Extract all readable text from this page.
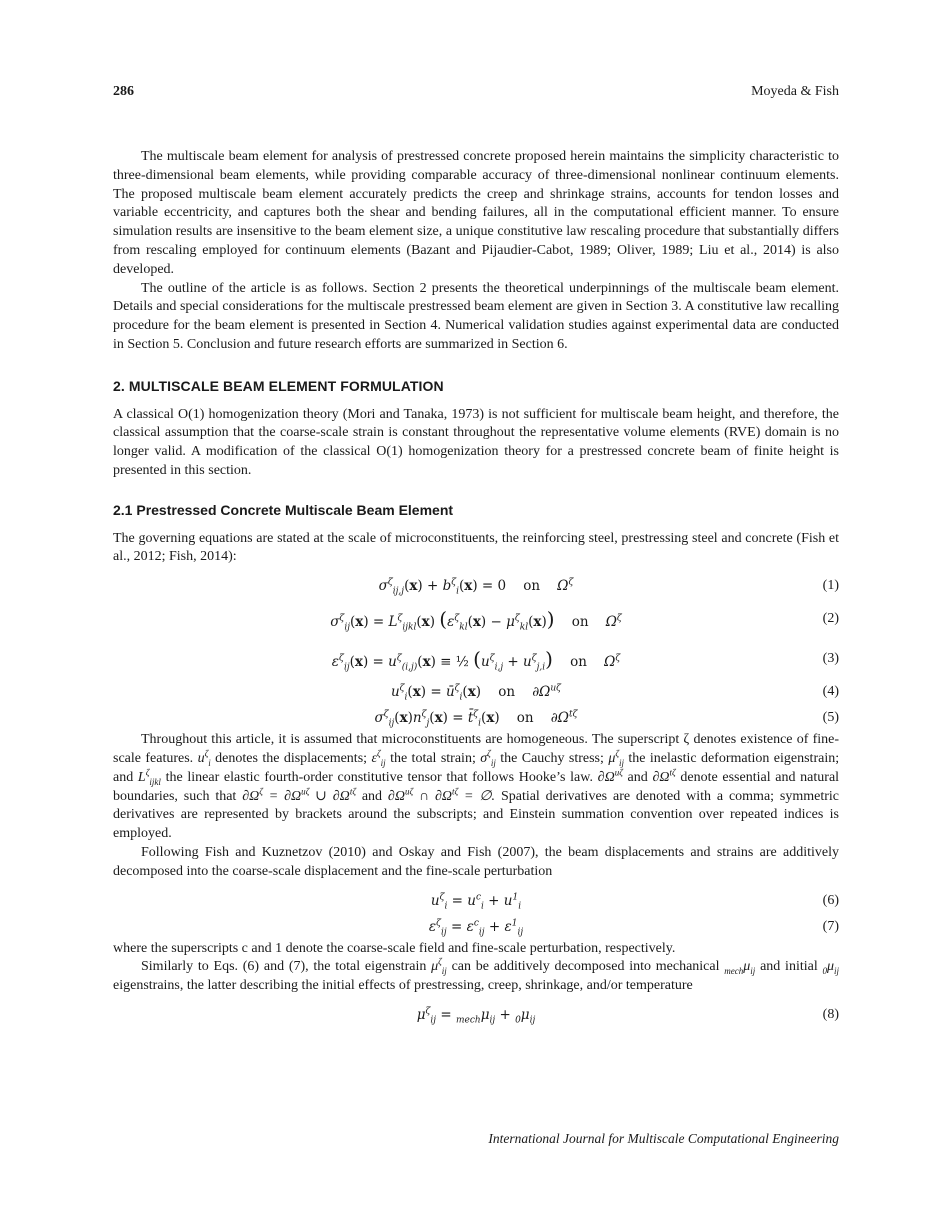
286	Moyeda & Fish

The multiscale beam element for analysis of prestressed concrete proposed herein maintains the simplicity characteristic to three-dimensional beam elements, while providing comparable accuracy of three-dimensional nonlinear continuum elements. The proposed multiscale beam element accurately predicts the creep and shrinkage strains, accounts for tendon losses and variable eccentricity, and captures both the shear and bending failures, all in the computational efficient manner. To ensure simulation results are insensitive to the beam element size, a unique constitutive law rescaling procedure that substantially differs from rescaling employed for continuum elements (Bazant and Pijaudier-Cabot, 1989; Oliver, 1989; Liu et al., 2014) is also developed.

The outline of the article is as follows. Section 2 presents the theoretical underpinnings of the multiscale beam element. Details and special considerations for the multiscale prestressed beam element are given in Section 3. A constitutive law recalling procedure for the beam element is presented in Section 4. Numerical validation studies against experimental data are conducted in Section 5. Conclusion and future research efforts are summarized in Section 6.

2. MULTISCALE BEAM ELEMENT FORMULATION

A classical O(1) homogenization theory (Mori and Tanaka, 1973) is not sufficient for multiscale beam height, and therefore, the classical assumption that the coarse-scale strain is constant throughout the representative volume elements (RVE) domain is no longer valid. A modification of the classical O(1) homogenization theory for a prestressed concrete beam of finite height is presented in this section.

2.1 Prestressed Concrete Multiscale Beam Element

The governing equations are stated at the scale of microconstituents, the reinforcing steel, prestressing steel and concrete (Fish et al., 2012; Fish, 2014):

$\sigma^\zeta_{ij,j}(x) + b^\zeta_i(x) = 0$    on    $\Omega^\zeta$	(1)
$\sigma^\zeta_{ij}(x) = L^\zeta_{ijkl}(x) (\varepsilon^\zeta_{kl}(x) - \mu^\zeta_{kl}(x))$    on    $\Omega^\zeta$	(2)
$\varepsilon^\zeta_{ij}(x) = u^\zeta_{(i,j)}(x)$ ≡ ½ $(u^\zeta_{i,j} + u^\zeta_{j,i})$    on    $\Omega^\zeta$	(3)
$u^\zeta_i(x)$ = $ū^\zeta_i(x)$    on    $\partial\Omega^{u\zeta}$	(4)
$\sigma^\zeta_{ij}(x)n^\zeta_j(x)$ = t̄$^\zeta_i$(x)    on    $\partial\Omega^{t\zeta}$	(5)

Throughout this article, it is assumed that microconstituents are homogeneous. The superscript ζ denotes existence of fine-scale features. $u^\zeta_i$ denotes the displacements; $\varepsilon^\zeta_{ij}$ the total strain; $\sigma^\zeta_{ij}$ the Cauchy stress; $\mu^\zeta_{ij}$ the inelastic deformation eigenstrain; and $L^\zeta_{ijkl}$ the linear elastic fourth-order constitutive tensor that follows Hooke’s law. $\partial\Omega^{u\zeta}$ and $\partial\Omega^{t\zeta}$ denote essential and natural boundaries, such that $\partial\Omega^\zeta = \partial\Omega^{u\zeta}$ ∪ $\partial\Omega^{t\zeta}$ and $\partial\Omega^{u\zeta}$ ∩ $\partial\Omega^{t\zeta}$ = ∅. Spatial derivatives are denoted with a comma; symmetric derivatives are represented by brackets around the subscripts; and Einstein summation convention over repeated indices is employed.

Following Fish and Kuznetzov (2010) and Oskay and Fish (2007), the beam displacements and strains are additively decomposed into the coarse-scale displacement and the fine-scale perturbation

$u^\zeta_i = u^c_i + u^1_i$	(6)
$\varepsilon^\zeta_{ij} = \varepsilon^c_{ij} + \varepsilon^1_{ij}$	(7)

where the superscripts c and 1 denote the coarse-scale field and fine-scale perturbation, respectively.

Similarly to Eqs. (6) and (7), the total eigenstrain $\mu^\zeta_{ij}$ can be additively decomposed into mechanical $_{mech}\mu_{ij}$ and initial $_0\mu_{ij}$ eigenstrains, the latter describing the initial effects of prestressing, creep, shrinkage, and/or temperature

$\mu^\zeta_{ij} = _{mech}\mu_{ij} + _0\mu_{ij}$	(8)
International Journal for Multiscale Computational Engineering
